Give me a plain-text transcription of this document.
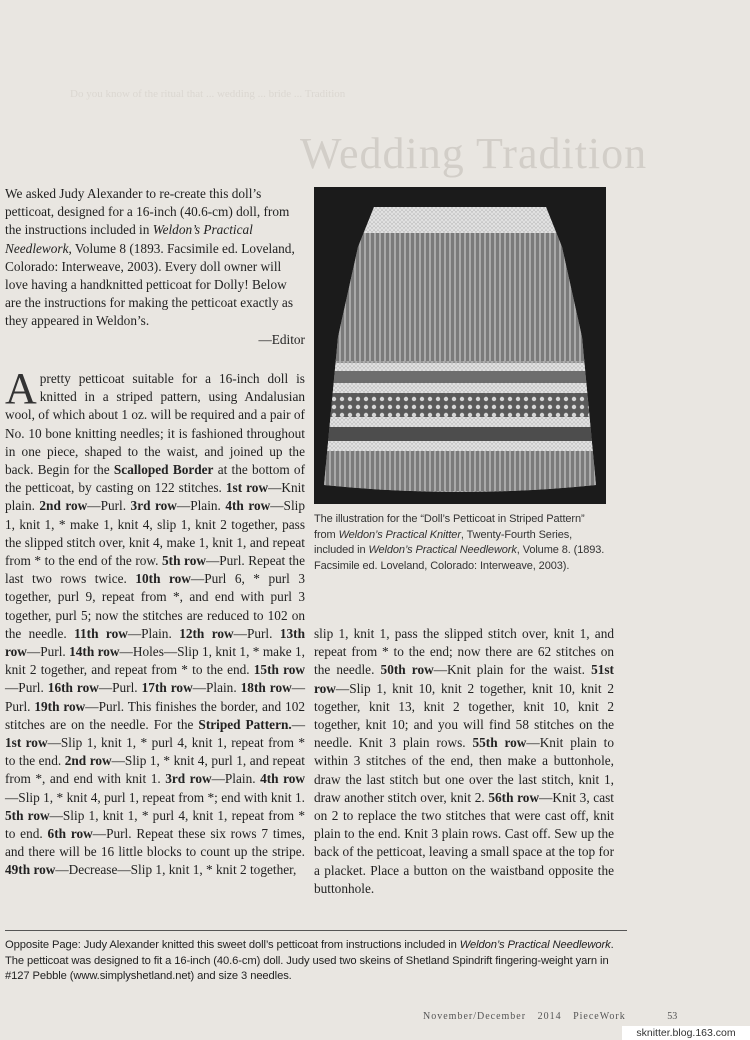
Do you know of the ritual that ... wedding ... bride ... Tradition
Wedding Tradition
We asked Judy Alexander to re-create this doll’s petticoat, designed for a 16-inch (40.6-cm) doll, from the instructions included in Weldon’s Practical Needlework, Volume 8 (1893. Facsimile ed. Loveland, Colorado: Interweave, 2003). Every doll owner will love having a handknitted petticoat for Dolly! Below are the instructions for making the petticoat exactly as they appeared in Weldon’s.
—Editor
The illustration for the “Doll’s Petticoat in Striped Pattern” from Weldon’s Practical Knitter, Twenty-Fourth Series, included in Weldon’s Practical Needlework, Volume 8. (1893. Facsimile ed. Loveland, Colorado: Interweave, 2003).
A pretty petticoat suitable for a 16-inch doll is knitted in a striped pattern, using Andalusian wool, of which about 1 oz. will be required and a pair of No. 10 bone knitting needles; it is fashioned throughout in one piece, shaped to the waist, and joined up the back. Begin for the Scalloped Border at the bottom of the petticoat, by casting on 122 stitches. 1st row—Knit plain. 2nd row—Purl. 3rd row—Plain. 4th row—Slip 1, knit 1, * make 1, knit 4, slip 1, knit 2 together, pass the slipped stitch over, knit 4, make 1, knit 1, and repeat from * to the end of the row. 5th row—Purl. Repeat the last two rows twice. 10th row—Purl 6, * purl 3 together, purl 9, repeat from *, and end with purl 3 together, purl 5; now the stitches are reduced to 102 on the needle. 11th row—Plain. 12th row—Purl. 13th row—Purl. 14th row—Holes—Slip 1, knit 1, * make 1, knit 2 together, and repeat from * to the end. 15th row—Purl. 16th row—Purl. 17th row—Plain. 18th row—Purl. 19th row—Purl. This finishes the border, and 102 stitches are on the needle. For the Striped Pattern.—1st row—Slip 1, knit 1, * purl 4, knit 1, repeat from * to the end. 2nd row—Slip 1, * knit 4, purl 1, and repeat from *, and end with knit 1. 3rd row—Plain. 4th row—Slip 1, * knit 4, purl 1, repeat from *; end with knit 1. 5th row—Slip 1, knit 1, * purl 4, knit 1, repeat from * to end. 6th row—Purl. Repeat these six rows 7 times, and there will be 16 little blocks to count up the stripe. 49th row—Decrease—Slip 1, knit 1, * knit 2 together,
slip 1, knit 1, pass the slipped stitch over, knit 1, and repeat from * to the end; now there are 62 stitches on the needle. 50th row—Knit plain for the waist. 51st row—Slip 1, knit 10, knit 2 together, knit 10, knit 2 together, knit 13, knit 2 together, knit 10, knit 2 together, knit 10; and you will find 58 stitches on the needle. Knit 3 plain rows. 55th row—Knit plain to within 3 stitches of the end, then make a buttonhole, draw the last stitch but one over the last stitch, knit 1, draw another stitch over, knit 2. 56th row—Knit 3, cast on 2 to replace the two stitches that were cast off, knit plain to the end. Knit 3 plain rows. Cast off. Sew up the back of the petticoat, leaving a small space at the top for a placket. Place a button on the waistband opposite the buttonhole.
Opposite Page: Judy Alexander knitted this sweet doll’s petticoat from instructions included in Weldon’s Practical Needlework. The petticoat was designed to fit a 16-inch (40.6-cm) doll. Judy used two skeins of Shetland Spindrift fingering-weight yarn in #127 Pebble (www.simplyshetland.net) and size 3 needles.
November/December 2014 PieceWork	53
sknitter.blog.163.com
